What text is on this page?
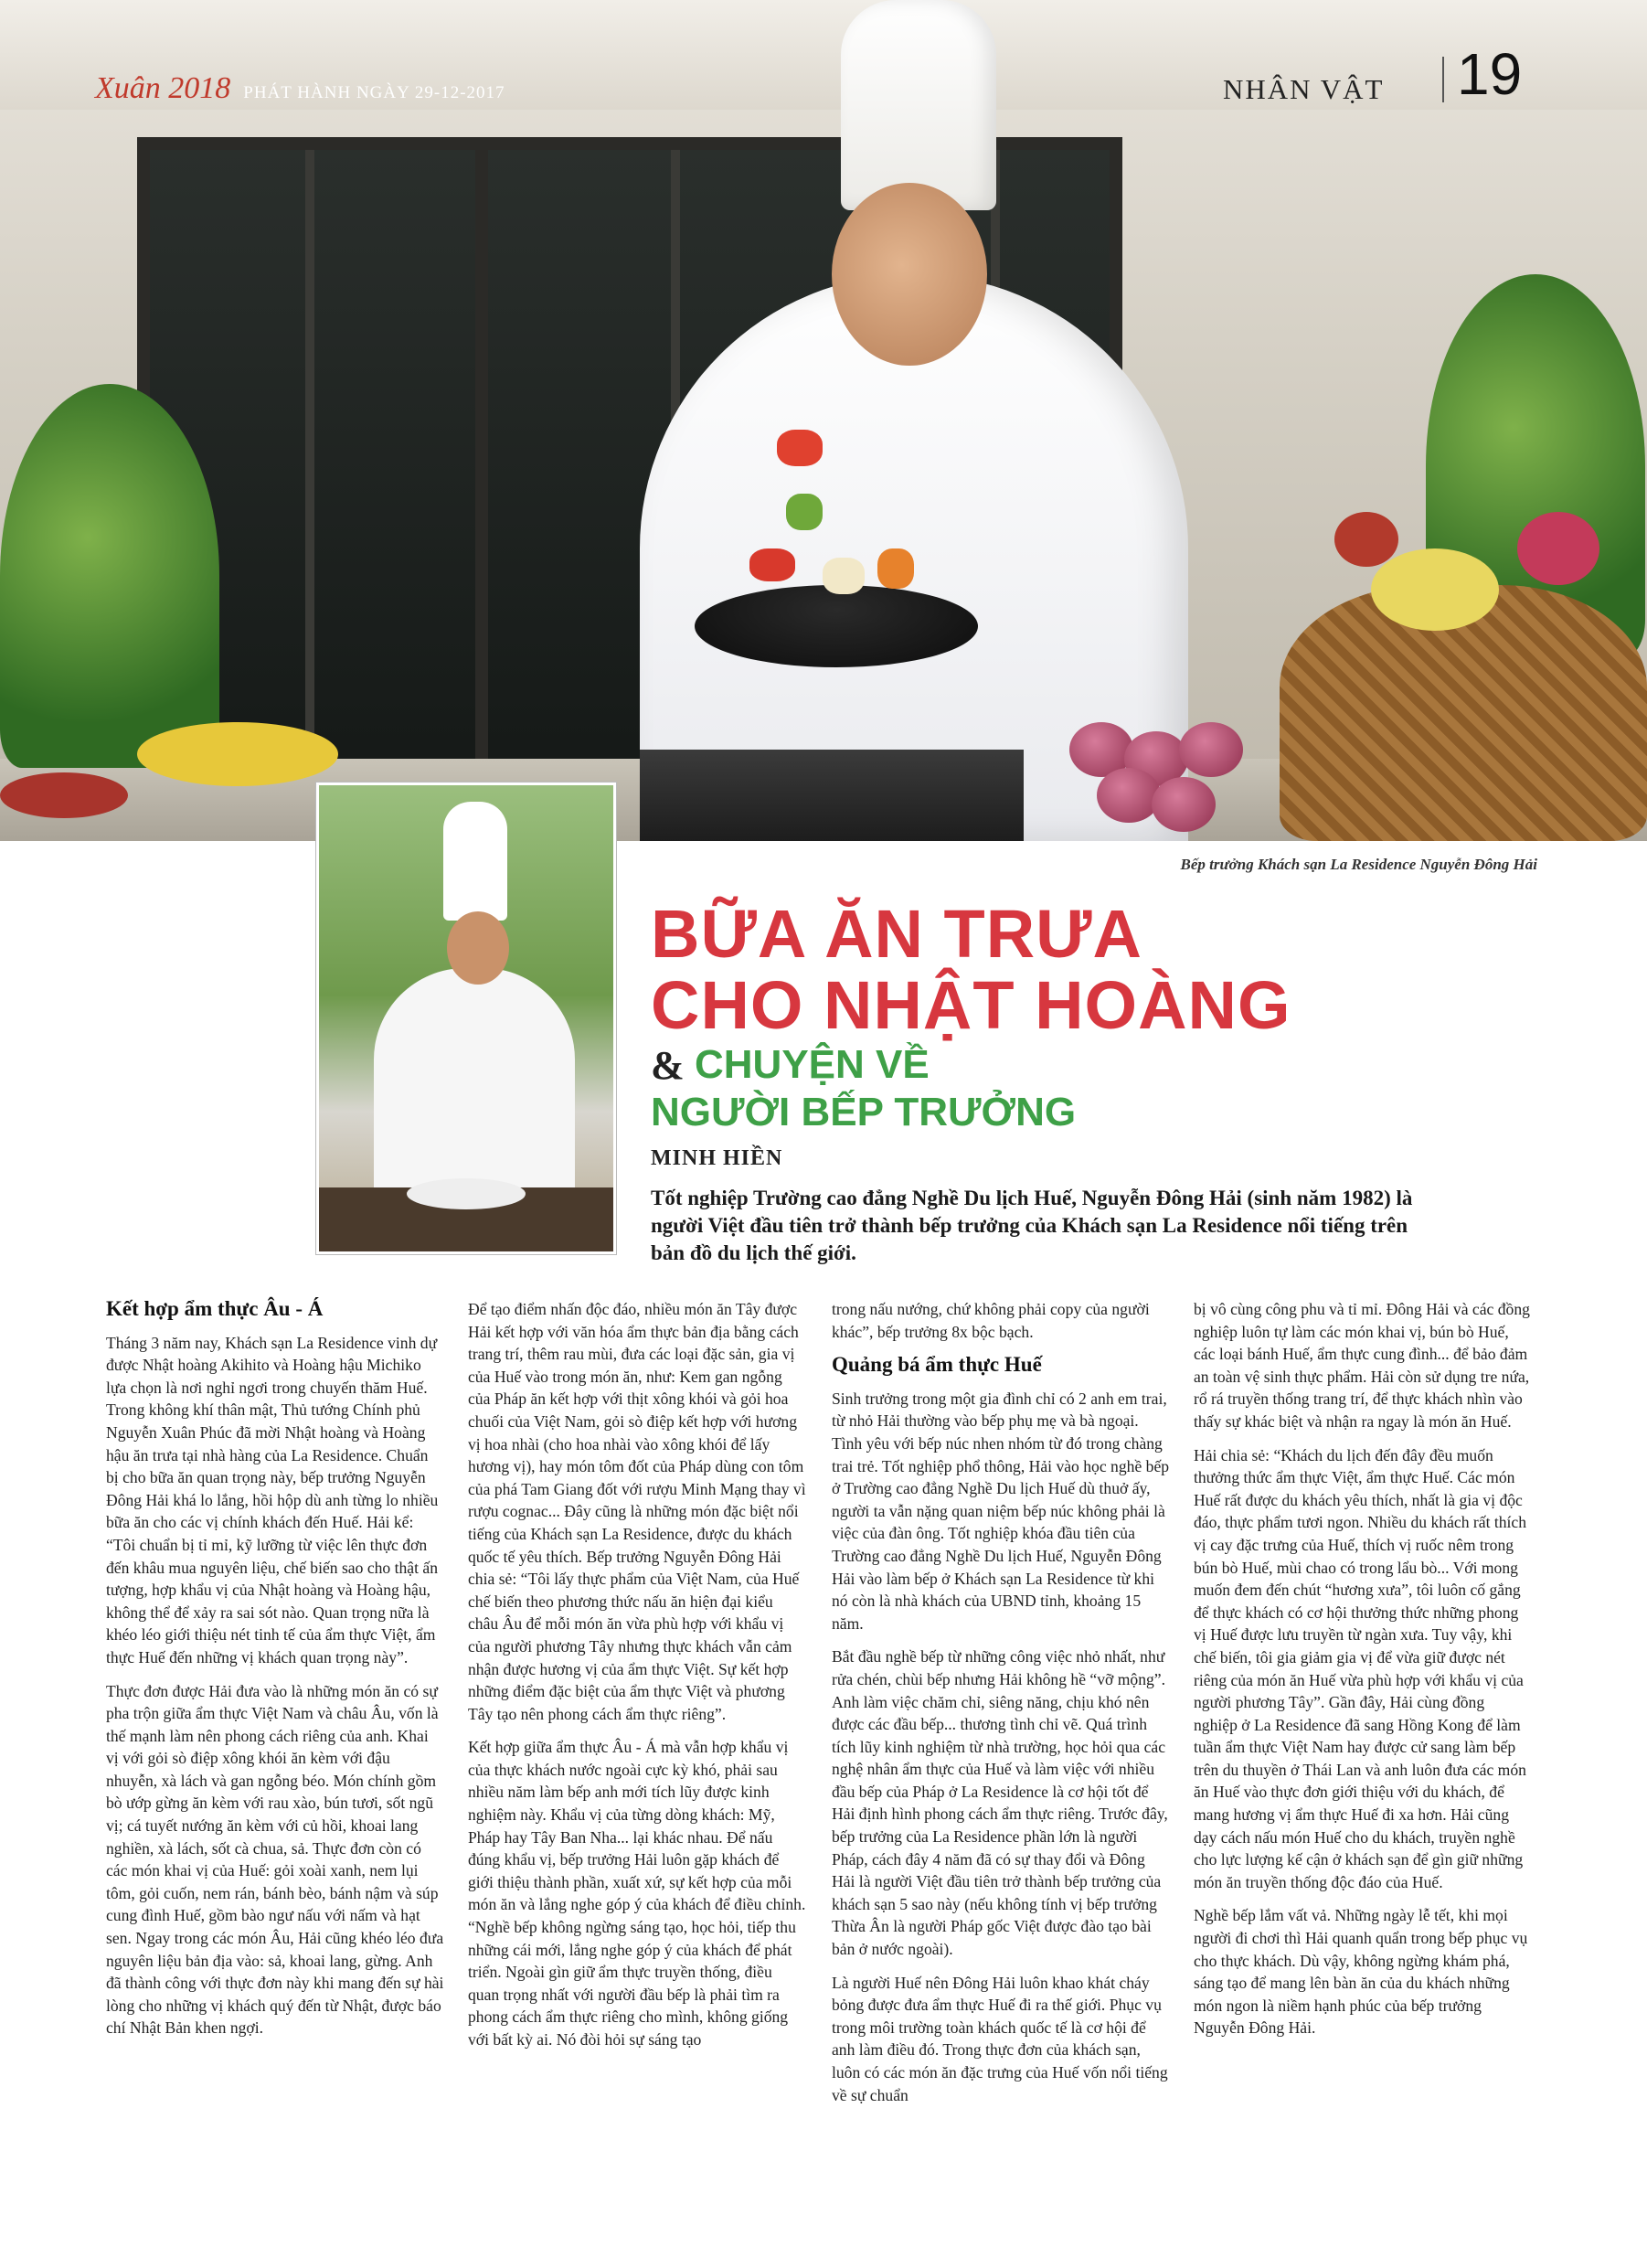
Xuân 2018 PHÁT HÀNH NGÀY 29-12-2017	NHÂN VẬT 19
Bếp trưởng Khách sạn La Residence Nguyễn Đông Hải
BỮA ĂN TRƯA
CHO NHẬT HOÀNG
& CHUYỆN VỀ
NGƯỜI BẾP TRƯỞNG
MINH HIỀN
Tốt nghiệp Trường cao đẳng Nghề Du lịch Huế, Nguyễn Đông Hải (sinh năm 1982) là người Việt đầu tiên trở thành bếp trưởng của Khách sạn La Residence nổi tiếng trên bản đồ du lịch thế giới.
Kết hợp ẩm thực Âu - Á

Tháng 3 năm nay, Khách sạn La Residence vinh dự được Nhật hoàng Akihito và Hoàng hậu Michiko lựa chọn là nơi nghỉ ngơi trong chuyến thăm Huế. Trong không khí thân mật, Thủ tướng Chính phủ Nguyễn Xuân Phúc đã mời Nhật hoàng và Hoàng hậu ăn trưa tại nhà hàng của La Residence. Chuẩn bị cho bữa ăn quan trọng này, bếp trưởng Nguyễn Đông Hải khá lo lắng, hồi hộp dù anh từng lo nhiều bữa ăn cho các vị chính khách đến Huế. Hải kể: “Tôi chuẩn bị tỉ mỉ, kỹ lưỡng từ việc lên thực đơn đến khâu mua nguyên liệu, chế biến sao cho thật ấn tượng, hợp khẩu vị của Nhật hoàng và Hoàng hậu, không thể để xảy ra sai sót nào. Quan trọng nữa là khéo léo giới thiệu nét tinh tế của ẩm thực Việt, ẩm thực Huế đến những vị khách quan trọng này”.

Thực đơn được Hải đưa vào là những món ăn có sự pha trộn giữa ẩm thực Việt Nam và châu Âu, vốn là thế mạnh làm nên phong cách riêng của anh. Khai vị với gỏi sò điệp xông khói ăn kèm với đậu nhuyễn, xà lách và gan ngỗng béo. Món chính gồm bò ướp gừng ăn kèm với rau xào, bún tươi, sốt ngũ vị; cá tuyết nướng ăn kèm với củ hồi, khoai lang nghiền, xà lách, sốt cà chua, sả. Thực đơn còn có các món khai vị của Huế: gỏi xoài xanh, nem lụi tôm, gỏi cuốn, nem rán, bánh bèo, bánh nậm và súp cung đình Huế, gồm bào ngư nấu với nấm và hạt sen. Ngay trong các món Âu, Hải cũng khéo léo đưa nguyên liệu bản địa vào: sả, khoai lang, gừng. Anh đã thành công với thực đơn này khi mang đến sự hài lòng cho những vị khách quý đến từ Nhật, được báo chí Nhật Bản khen ngợi.

Để tạo điểm nhấn độc đáo, nhiều món ăn Tây được Hải kết hợp với văn hóa ẩm thực bản địa bằng cách trang trí, thêm rau mùi, đưa các loại đặc sản, gia vị của Huế vào trong món ăn, như: Kem gan ngỗng của Pháp ăn kết hợp với thịt xông khói và gỏi hoa chuối của Việt Nam, gỏi sò điệp kết hợp với hương vị hoa nhài (cho hoa nhài vào xông khói để lấy hương vị), hay món tôm đốt của Pháp dùng con tôm của phá Tam Giang đốt với rượu Minh Mạng thay vì rượu cognac... Đây cũng là những món đặc biệt nổi tiếng của Khách sạn La Residence, được du khách quốc tế yêu thích. Bếp trưởng Nguyễn Đông Hải chia sẻ: “Tôi lấy thực phẩm của Việt Nam, của Huế chế biến theo phương thức nấu ăn hiện đại kiểu châu Âu để mỗi món ăn vừa phù hợp với khẩu vị của người phương Tây nhưng thực khách vẫn cảm nhận được hương vị của ẩm thực Việt. Sự kết hợp những điểm đặc biệt của ẩm thực Việt và phương Tây tạo nên phong cách ẩm thực riêng”.

Kết hợp giữa ẩm thực Âu - Á mà vẫn hợp khẩu vị của thực khách nước ngoài cực kỳ khó, phải sau nhiều năm làm bếp anh mới tích lũy được kinh nghiệm này. Khẩu vị của từng dòng khách: Mỹ, Pháp hay Tây Ban Nha... lại khác nhau. Để nấu đúng khẩu vị, bếp trưởng Hải luôn gặp khách để giới thiệu thành phần, xuất xứ, sự kết hợp của mỗi món ăn và lắng nghe góp ý của khách để điều chỉnh. “Nghề bếp không ngừng sáng tạo, học hỏi, tiếp thu những cái mới, lắng nghe góp ý của khách để phát triển. Ngoài gìn giữ ẩm thực truyền thống, điều quan trọng nhất với người đầu bếp là phải tìm ra phong cách ẩm thực riêng cho mình, không giống với bất kỳ ai. Nó đòi hỏi sự sáng tạo

trong nấu nướng, chứ không phải copy của người khác”, bếp trưởng 8x bộc bạch.

Quảng bá ẩm thực Huế

Sinh trưởng trong một gia đình chỉ có 2 anh em trai, từ nhỏ Hải thường vào bếp phụ mẹ và bà ngoại. Tình yêu với bếp núc nhen nhóm từ đó trong chàng trai trẻ. Tốt nghiệp phổ thông, Hải vào học nghề bếp ở Trường cao đẳng Nghề Du lịch Huế dù thuở ấy, người ta vẫn nặng quan niệm bếp núc không phải là việc của đàn ông. Tốt nghiệp khóa đầu tiên của Trường cao đẳng Nghề Du lịch Huế, Nguyễn Đông Hải vào làm bếp ở Khách sạn La Residence từ khi nó còn là nhà khách của UBND tỉnh, khoảng 15 năm.

Bắt đầu nghề bếp từ những công việc nhỏ nhất, như rửa chén, chùi bếp nhưng Hải không hề “vỡ mộng”. Anh làm việc chăm chỉ, siêng năng, chịu khó nên được các đầu bếp... thương tình chỉ vẽ. Quá trình tích lũy kinh nghiệm từ nhà trường, học hỏi qua các nghệ nhân ẩm thực của Huế và làm việc với nhiều đầu bếp của Pháp ở La Residence là cơ hội tốt để Hải định hình phong cách ẩm thực riêng. Trước đây, bếp trưởng của La Residence phần lớn là người Pháp, cách đây 4 năm đã có sự thay đổi và Đông Hải là người Việt đầu tiên trở thành bếp trưởng của khách sạn 5 sao này (nếu không tính vị bếp trưởng Thừa Ân là người Pháp gốc Việt được đào tạo bài bản ở nước ngoài).

Là người Huế nên Đông Hải luôn khao khát cháy bỏng được đưa ẩm thực Huế đi ra thế giới. Phục vụ trong môi trường toàn khách quốc tế là cơ hội để anh làm điều đó. Trong thực đơn của khách sạn, luôn có các món ăn đặc trưng của Huế vốn nổi tiếng về sự chuẩn

bị vô cùng công phu và tỉ mỉ. Đông Hải và các đồng nghiệp luôn tự làm các món khai vị, bún bò Huế, các loại bánh Huế, ẩm thực cung đình... để bảo đảm an toàn vệ sinh thực phẩm. Hải còn sử dụng tre nứa, rổ rá truyền thống trang trí, để thực khách nhìn vào thấy sự khác biệt và nhận ra ngay là món ăn Huế.

Hải chia sẻ: “Khách du lịch đến đây đều muốn thưởng thức ẩm thực Việt, ẩm thực Huế. Các món Huế rất được du khách yêu thích, nhất là gia vị độc đáo, thực phẩm tươi ngon. Nhiều du khách rất thích vị cay đặc trưng của Huế, thích vị ruốc nêm trong bún bò Huế, mùi chao có trong lẩu bò... Với mong muốn đem đến chút “hương xưa”, tôi luôn cố gắng để thực khách có cơ hội thưởng thức những phong vị Huế được lưu truyền từ ngàn xưa. Tuy vậy, khi chế biến, tôi gia giảm gia vị để vừa giữ được nét riêng của món ăn Huế vừa phù hợp với khẩu vị của người phương Tây”. Gần đây, Hải cùng đồng nghiệp ở La Residence đã sang Hồng Kong để làm tuần ẩm thực Việt Nam hay được cử sang làm bếp trên du thuyền ở Thái Lan và anh luôn đưa các món ăn Huế vào thực đơn giới thiệu với du khách, để mang hương vị ẩm thực Huế đi xa hơn. Hải cũng dạy cách nấu món Huế cho du khách, truyền nghề cho lực lượng kế cận ở khách sạn để gìn giữ những món ăn truyền thống độc đáo của Huế.

Nghề bếp lắm vất vả. Những ngày lễ tết, khi mọi người đi chơi thì Hải quanh quẩn trong bếp phục vụ cho thực khách. Dù vậy, không ngừng khám phá, sáng tạo để mang lên bàn ăn của du khách những món ngon là niềm hạnh phúc của bếp trưởng Nguyễn Đông Hải.
